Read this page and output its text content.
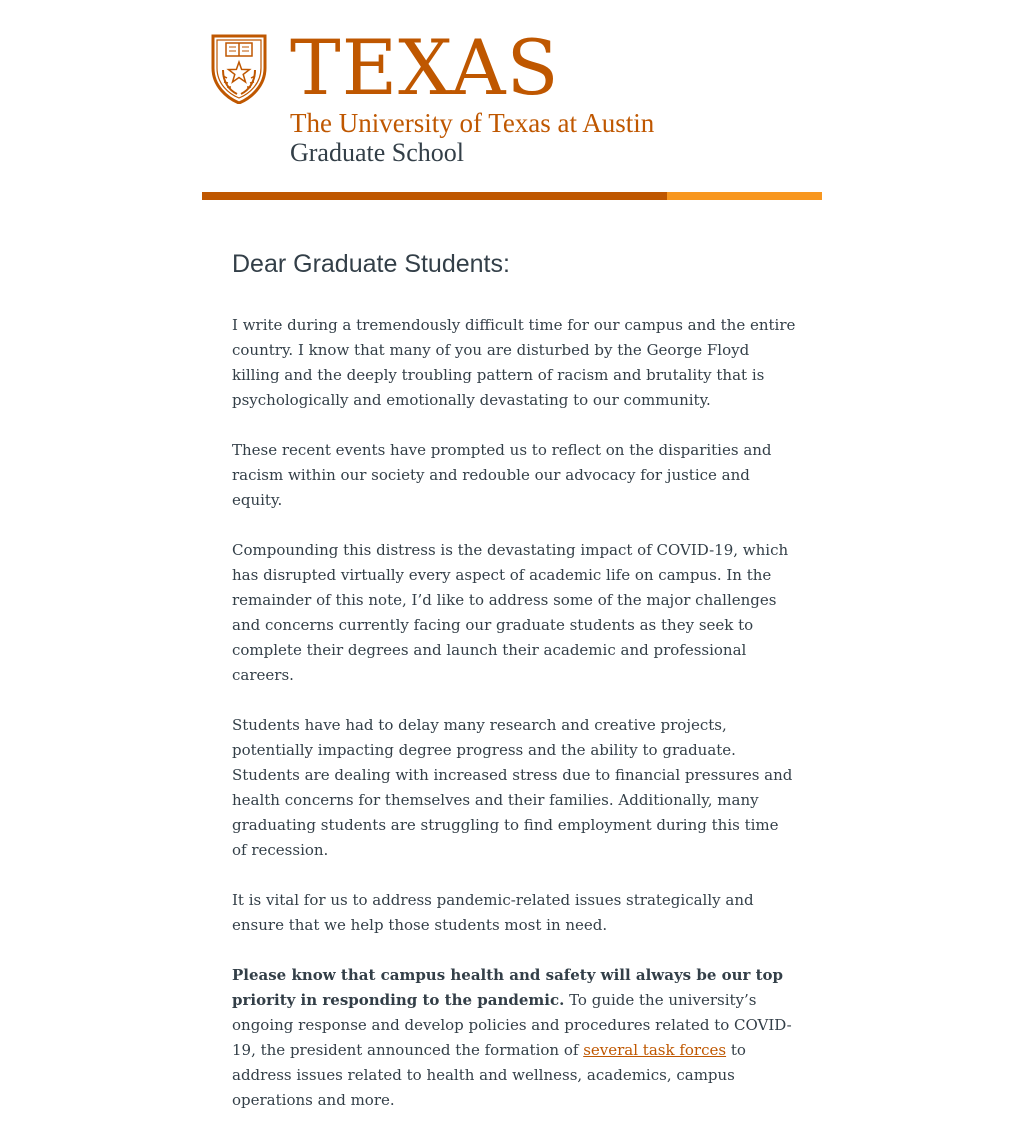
TEXAS
The University of Texas at Austin
Graduate School
Dear Graduate Students:

I write during a tremendously difficult time for our campus and the entire country. I know that many of you are disturbed by the George Floyd killing and the deeply troubling pattern of racism and brutality that is psychologically and emotionally devastating to our community.

These recent events have prompted us to reflect on the disparities and racism within our society and redouble our advocacy for justice and equity.

Compounding this distress is the devastating impact of COVID-19, which has disrupted virtually every aspect of academic life on campus. In the remainder of this note, I’d like to address some of the major challenges and concerns currently facing our graduate students as they seek to complete their degrees and launch their academic and professional careers.

Students have had to delay many research and creative projects, potentially impacting degree progress and the ability to graduate. Students are dealing with increased stress due to financial pressures and health concerns for themselves and their families. Additionally, many graduating students are struggling to find employment during this time of recession.

It is vital for us to address pandemic-related issues strategically and ensure that we help those students most in need.

Please know that campus health and safety will always be our top priority in responding to the pandemic. To guide the university’s ongoing response and develop policies and procedures related to COVID-19, the president announced the formation of several task forces to address issues related to health and wellness, academics, campus operations and more.
